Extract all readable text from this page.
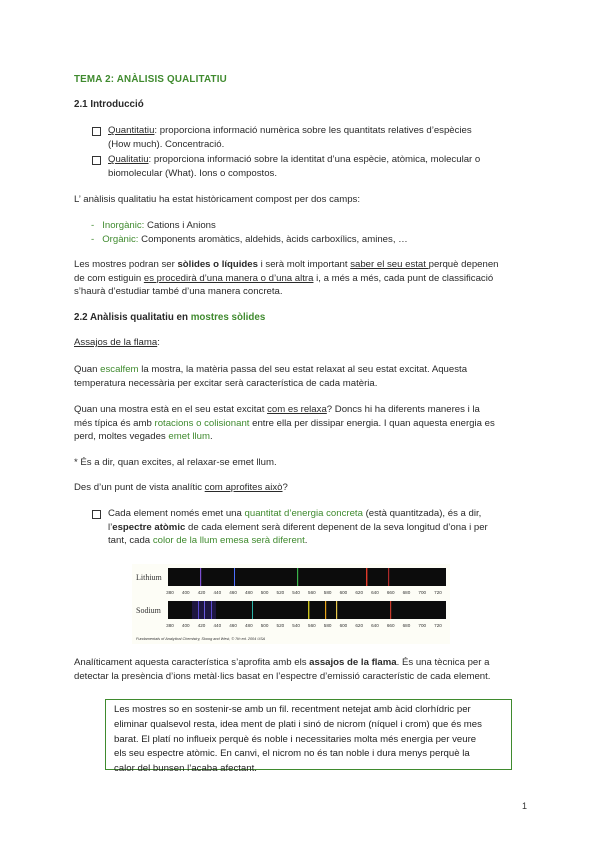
TEMA 2: ANÀLISIS QUALITATIU
2.1 Introducció
Quantitatiu: proporciona informació numèrica sobre les quantitats relatives d’espècies
(How much). Concentració.
Qualitatiu: proporciona informació sobre la identitat d’una espècie, atòmica, molecular o
biomolecular (What). Ions o compostos.
L’ anàlisis qualitatiu ha estat històricament compost per dos camps:
- Inorgànic: Cations i Anions
- Orgànic: Components aromàtics, aldehids, àcids carboxílics, amines, …
Les mostres podran ser sòlides o líquides i serà molt important saber el seu estat perquè depenen
de com estiguin es procedirà d’una manera o d’una altra i, a més a més, cada punt de classificació
s’haurà d’estudiar també d’una manera concreta.
2.2 Anàlisis qualitatiu en mostres sòlides
Assajos de la flama:
Quan escalfem la mostra, la matèria passa del seu estat relaxat al seu estat excitat. Aquesta
temperatura necessària per excitar serà característica de cada matèria.
Quan una mostra està en el seu estat excitat com es relaxa? Doncs hi ha diferents maneres i la
més típica és amb rotacions o colisionant entre ella per dissipar energia. I quan aquesta energia es
perd, moltes vegades emet llum.
* És a dir, quan excites, al relaxar-se emet llum.
Des d’un punt de vista analític com aprofites això?
Cada element només emet una quantitat d’energia concreta (està quantitzada), és a dir,
l’espectre atòmic de cada element serà diferent depenent de la seva longitud d’ona i per
tant, cada color de la llum emesa serà diferent.
Lithium
380 400 420 440 460 480 500 520 540 560 580 600 620 640 660 680 700 720
Sodium
380 400 420 440 460 480 500 520 540 560 580 600 620 640 660 680 700 720
Fundamentals of Analytical Chemistry, Skoog and West, © 7th ed. 2004 USA
Analíticament aquesta característica s’aprofita amb els assajos de la flama. És una tècnica per a
detectar la presència d’ions metàl·lics basat en l’espectre d’emissió característic de cada element.
Les mostres so en sostenir-se amb un fil. recentment netejat amb àcid clorhídric per
eliminar qualsevol resta, idea ment de plati i sinó de nicrom (níquel i crom) que és mes
barat. El platí no influeix perquè és noble i necessitaries molta més energia per veure
els seu espectre atòmic. En canvi, el nicrom no és tan noble i dura menys perquè la
calor del bunsen l’acaba afectant.
1
